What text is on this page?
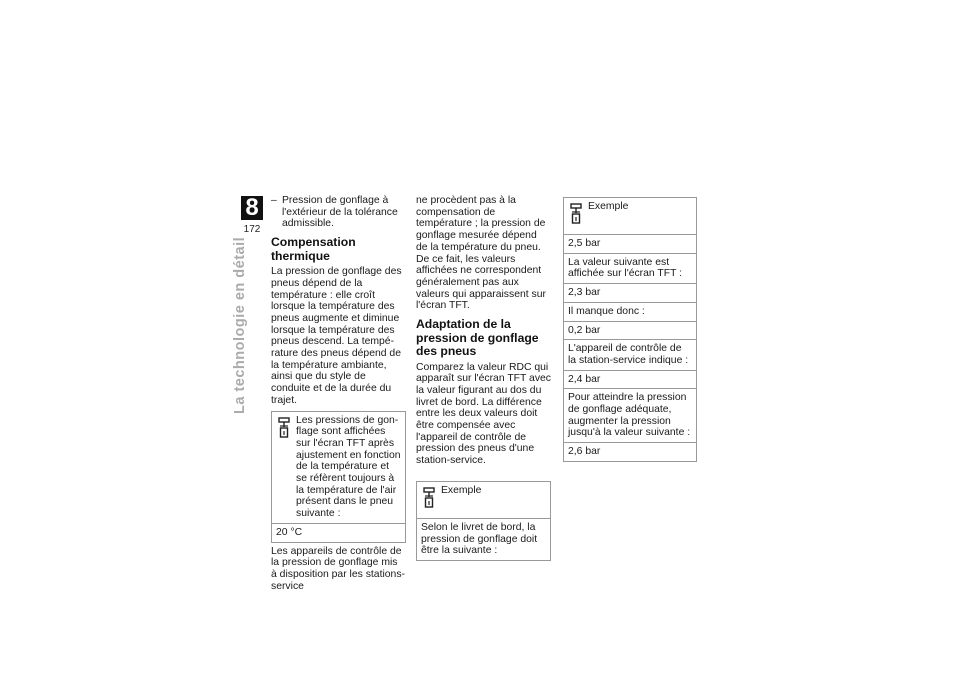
8
172
La technologie en détail

– Pression de gonflage à l'extérieur de la tolérance admissible.

Compensation thermique

La pression de gonflage des pneus dépend de la température : elle croît lorsque la température des pneus augmente et diminue lorsque la température des pneus descend. La température des pneus dépend de la température ambiante, ainsi que du style de conduite et de la durée du trajet.

Les pressions de gonflage sont affichées sur l'écran TFT après ajustement en fonction de la température et se réfèrent toujours à la température de l'air présent dans le pneu suivante :
20 °C

Les appareils de contrôle de la pression de gonflage mis à disposition par les stations-service

ne procèdent pas à la compensation de température ; la pression de gonflage mesurée dépend de la température du pneu. De ce fait, les valeurs affichées ne correspondent généralement pas aux valeurs qui apparaissent sur l'écran TFT.

Adaptation de la pression de gonflage des pneus

Comparez la valeur RDC qui apparaît sur l'écran TFT avec la valeur figurant au dos du livret de bord. La différence entre les deux valeurs doit être compensée avec l'appareil de contrôle de pression des pneus d'une station-service.

Exemple
Selon le livret de bord, la pression de gonflage doit être la suivante :
Exemple
2,5 bar
La valeur suivante est affichée sur l'écran TFT :
2,3 bar
Il manque donc :
0,2 bar
L'appareil de contrôle de la station-service indique :
2,4 bar
Pour atteindre la pression de gonflage adéquate, augmenter la pression jusqu'à la valeur suivante :
2,6 bar
